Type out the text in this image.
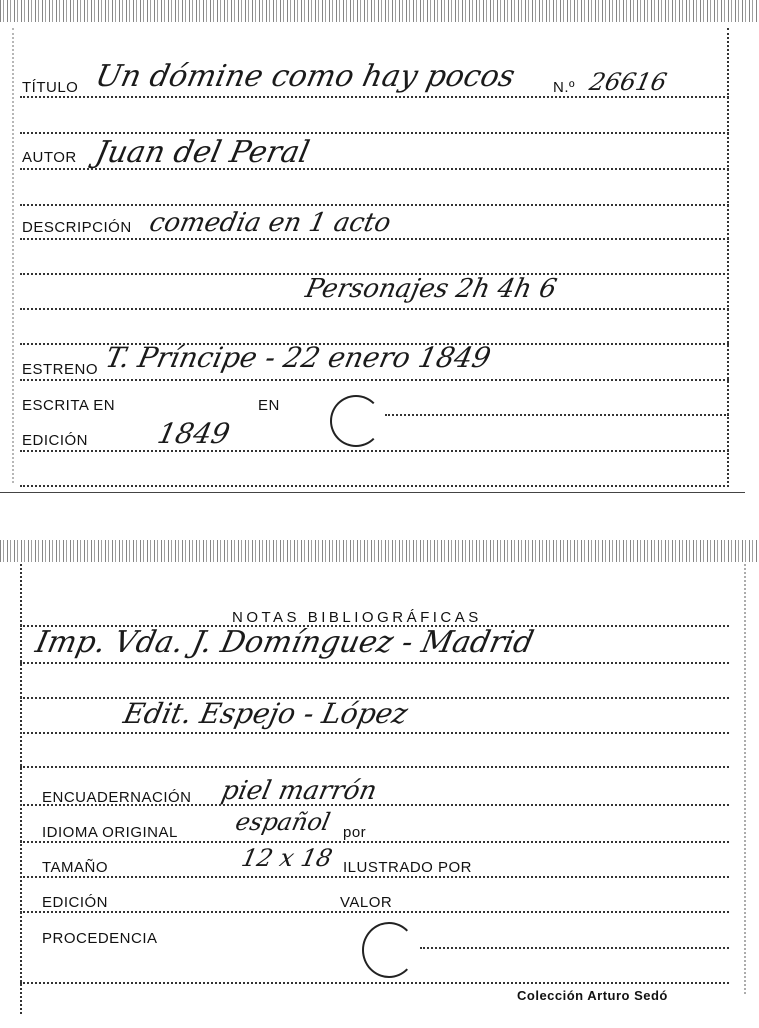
TÍTULO Un dómine como hay pocos N.º 26616
AUTOR Juan del Peral
DESCRIPCIÓN comedia en 1 acto
Personajes 2h 4h 6
ESTRENO T. Príncipe - 22 enero 1849
ESCRITA EN	EN
EDICIÓN 1849
NOTAS BIBLIOGRÁFICAS
Imp. Vda. J. Domínguez - Madrid
Edit. Espejo - López
ENCUADERNACIÓN piel marrón
IDIOMA ORIGINAL español por
TAMAÑO	12 x 18 ILUSTRADO POR
EDICIÓN	VALOR
PROCEDENCIA
Colección Arturo Sedó
